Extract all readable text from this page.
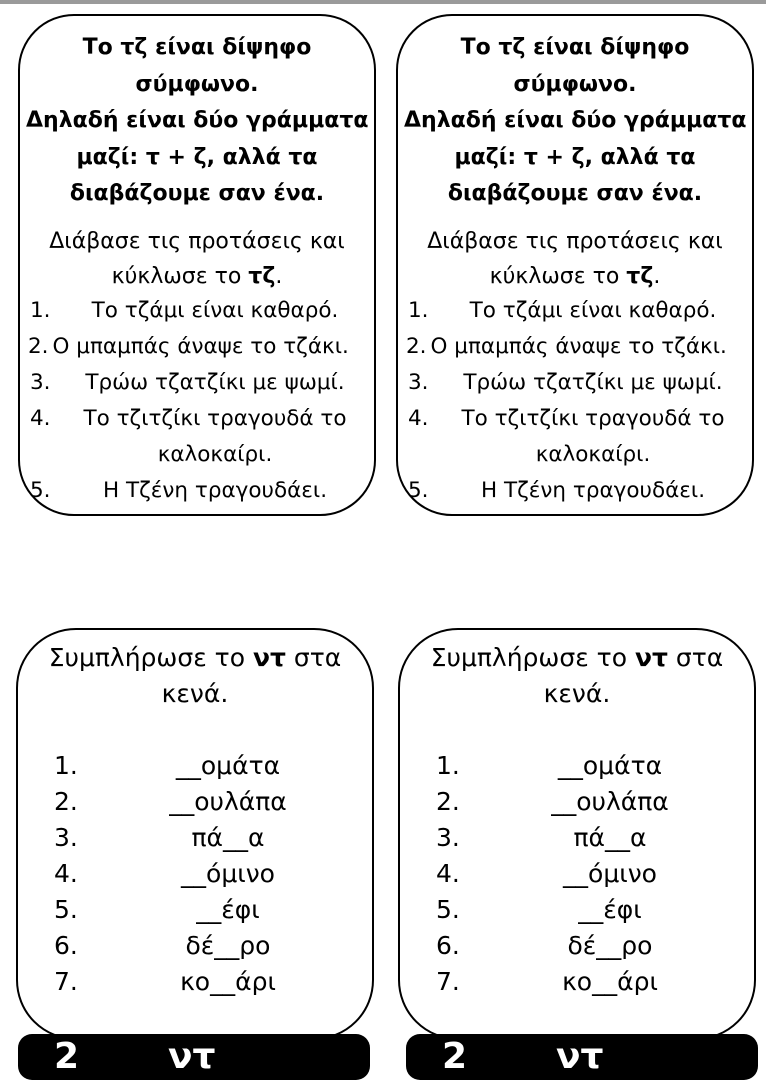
Το τζ είναι δίψηφο
σύμφωνο.
Δηλαδή είναι δύο γράμματα
μαζί: τ + ζ, αλλά τα
διαβάζουμε σαν ένα.
Διάβασε τις προτάσεις και
κύκλωσε το τζ.
1. Το τζάμι είναι καθαρό.
2. Ο μπαμπάς άναψε το τζάκι.
3. Τρώω τζατζίκι με ψωμί.
4. Το τζιτζίκι τραγουδά το
καλοκαίρι.
5. Η Τζένη τραγουδάει.
Το τζ είναι δίψηφο
σύμφωνο.
Δηλαδή είναι δύο γράμματα
μαζί: τ + ζ, αλλά τα
διαβάζουμε σαν ένα.
Διάβασε τις προτάσεις και
κύκλωσε το τζ.
1. Το τζάμι είναι καθαρό.
2. Ο μπαμπάς άναψε το τζάκι.
3. Τρώω τζατζίκι με ψωμί.
4. Το τζιτζίκι τραγουδά το
καλοκαίρι.
5. Η Τζένη τραγουδάει.
Συμπλήρωσε το ντ στα
κενά.
1.	__ομάτα
2.	__ουλάπα
3.	πά__α
4.	__όμινο
5.	__έφι
6.	δέ__ρο
7.	κο__άρι
Συμπλήρωσε το ντ στα
κενά.
1.	__ομάτα
2.	__ουλάπα
3.	πά__α
4.	__όμινο
5.	__έφι
6.	δέ__ρο
7.	κο__άρι
2 ντ	2 ντ
